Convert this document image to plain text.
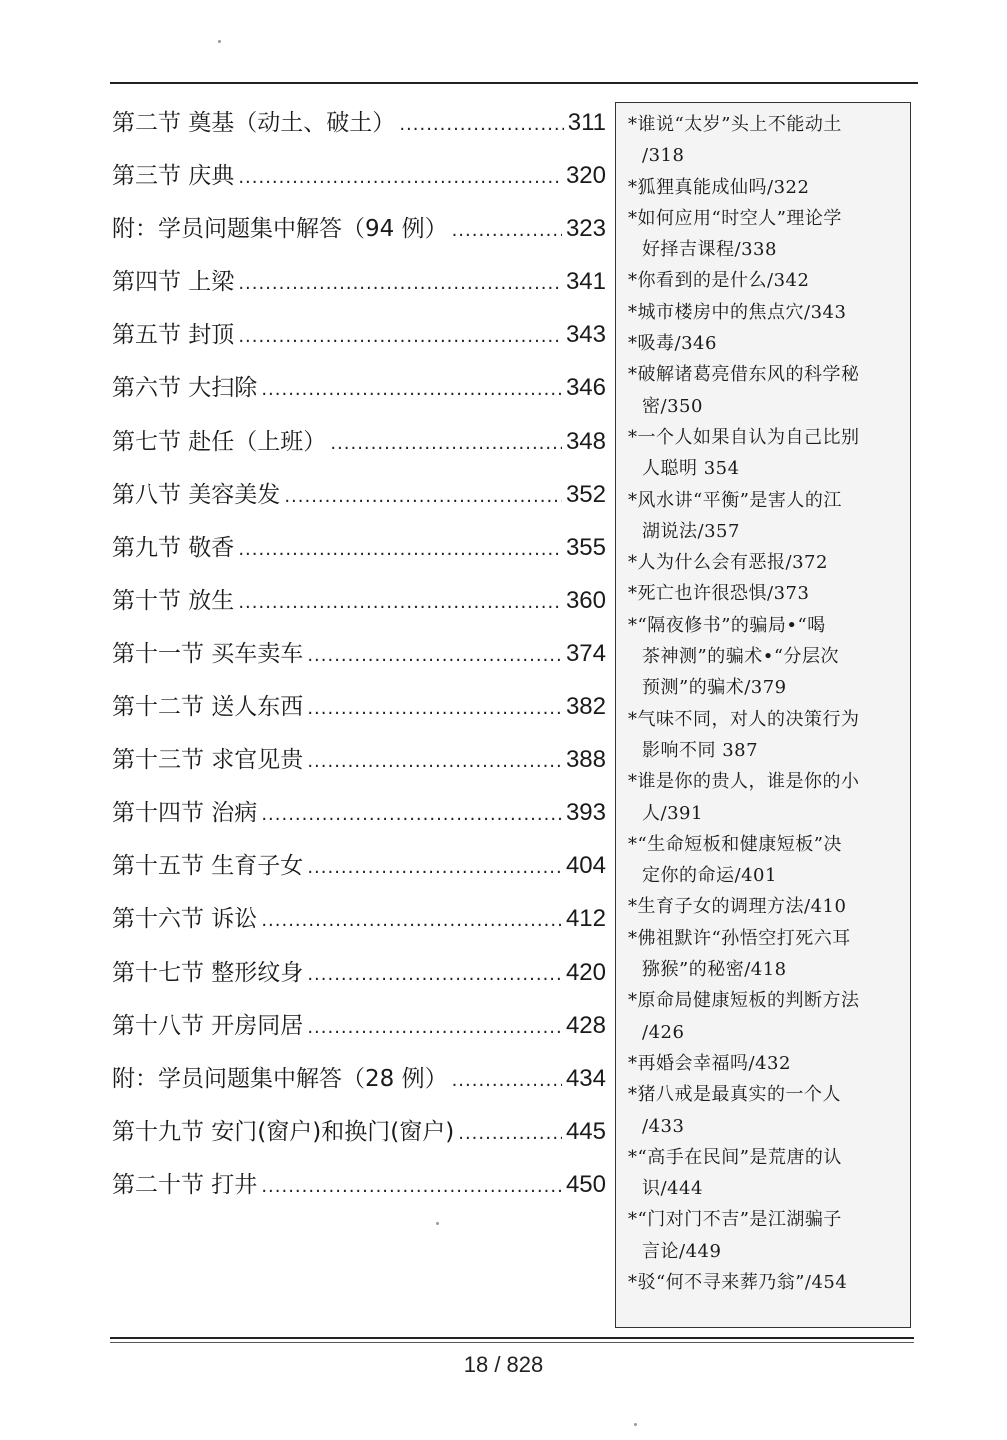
第二节 奠基（动土、破土） .....	311
第三节 庆典 .....	320
附：学员问题集中解答（94 例） .....	323
第四节 上梁 .....	341
第五节 封顶 .....	343
第六节 大扫除 .....	346
第七节 赴任（上班） .....	348
第八节 美容美发 .....	352
第九节 敬香 .....	355
第十节 放生 .....	360
第十一节 买车卖车 .....	374
第十二节 送人东西 .....	382
第十三节 求官见贵 .....	388
第十四节 治病 .....	393
第十五节 生育子女 .....	404
第十六节 诉讼 .....	412
第十七节 整形纹身 .....	420
第十八节 开房同居 .....	428
附：学员问题集中解答（28 例） .....	434
第十九节 安门(窗户)和换门(窗户) .....	445
第二十节 打井 .....	450
*谁说“太岁”头上不能动土
/318
*狐狸真能成仙吗/322
*如何应用“时空人”理论学
好择吉课程/338
*你看到的是什么/342
*城市楼房中的焦点穴/343
*吸毒/346
*破解诸葛亮借东风的科学秘
密/350
*一个人如果自认为自己比别
人聪明 354
*风水讲“平衡”是害人的江
湖说法/357
*人为什么会有恶报/372
*死亡也许很恐惧/373
*“隔夜修书”的骗局•“喝
茶神测”的骗术•“分层次
预测”的骗术/379
*气味不同，对人的决策行为
影响不同 387
*谁是你的贵人，谁是你的小
人/391
*“生命短板和健康短板”决
定你的命运/401
*生育子女的调理方法/410
*佛祖默许“孙悟空打死六耳
猕猴”的秘密/418
*原命局健康短板的判断方法
/426
*再婚会幸福吗/432
*猪八戒是最真实的一个人
/433
*“高手在民间”是荒唐的认
识/444
*“门对门不吉”是江湖骗子
言论/449
*驳“何不寻来葬乃翁”/454
18 / 828
